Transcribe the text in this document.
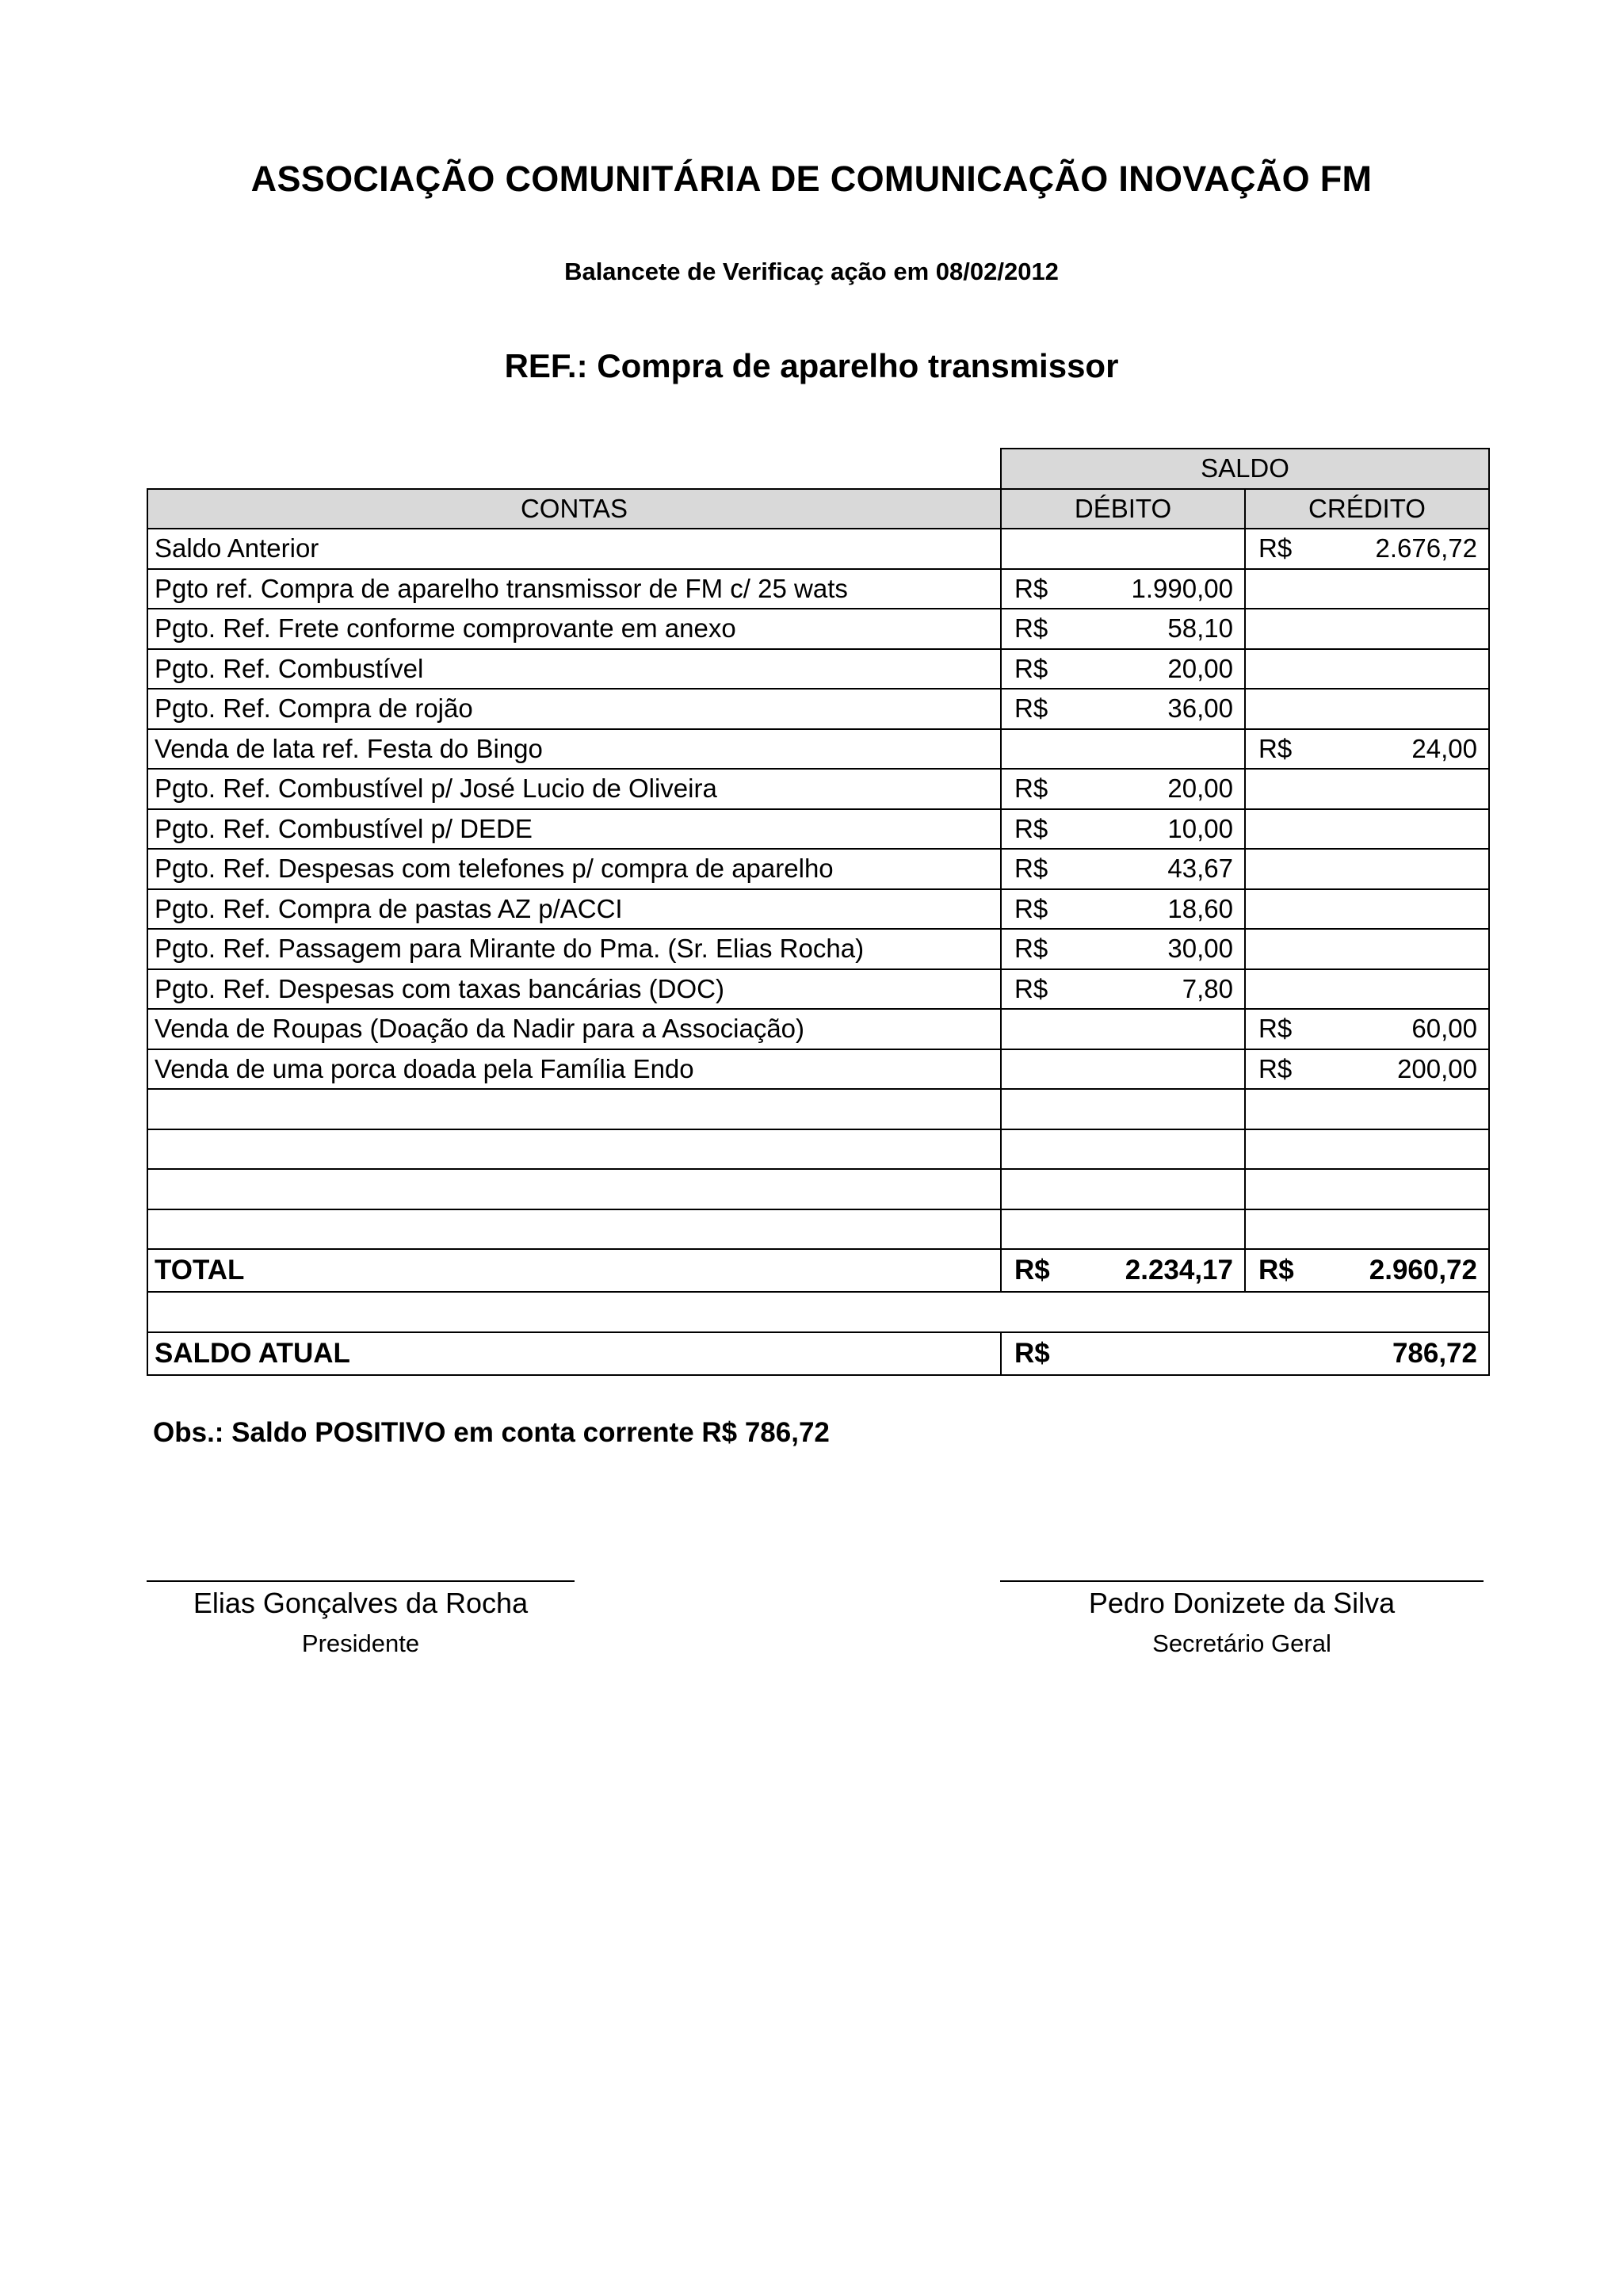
ASSOCIAÇÃO COMUNITÁRIA DE COMUNICAÇÃO INOVAÇÃO FM
Balancete de Verificaç ação em 08/02/2012
REF.: Compra de aparelho transmissor
	SALDO	
CONTAS	DÉBITO	CRÉDITO
Saldo Anterior		R$ 2.676,72

Pgto ref. Compra de aparelho transmissor de FM c/ 25 wats	R$ 1.990,00	

Pgto. Ref. Frete conforme comprovante em anexo	R$ 58,10	

Pgto. Ref. Combustível	R$ 20,00	

Pgto. Ref. Compra de rojão	R$ 36,00	

Venda de lata ref. Festa do Bingo		R$ 24,00

Pgto. Ref. Combustível p/ José Lucio de Oliveira	R$ 20,00	

Pgto. Ref. Combustível p/ DEDE	R$ 10,00	

Pgto. Ref. Despesas com telefones p/ compra de aparelho	R$ 43,67	

Pgto. Ref. Compra de pastas AZ p/ACCI	R$ 18,60	

Pgto. Ref. Passagem para Mirante do Pma. (Sr. Elias Rocha)	R$ 30,00	

Pgto. Ref. Despesas com taxas bancárias (DOC)	R$ 7,80	

Venda de Roupas (Doação da Nadir para a Associação)		R$ 60,00

Venda de uma porca doada pela Família Endo		R$ 200,00

TOTAL	R$ 2.234,17	R$ 2.960,72

SALDO ATUAL	R$ 786,72	
Obs.: Saldo POSITIVO em conta corrente R$ 786,72
Elias Gonçalves da Rocha
Presidente
Pedro Donizete da Silva
Secretário Geral
